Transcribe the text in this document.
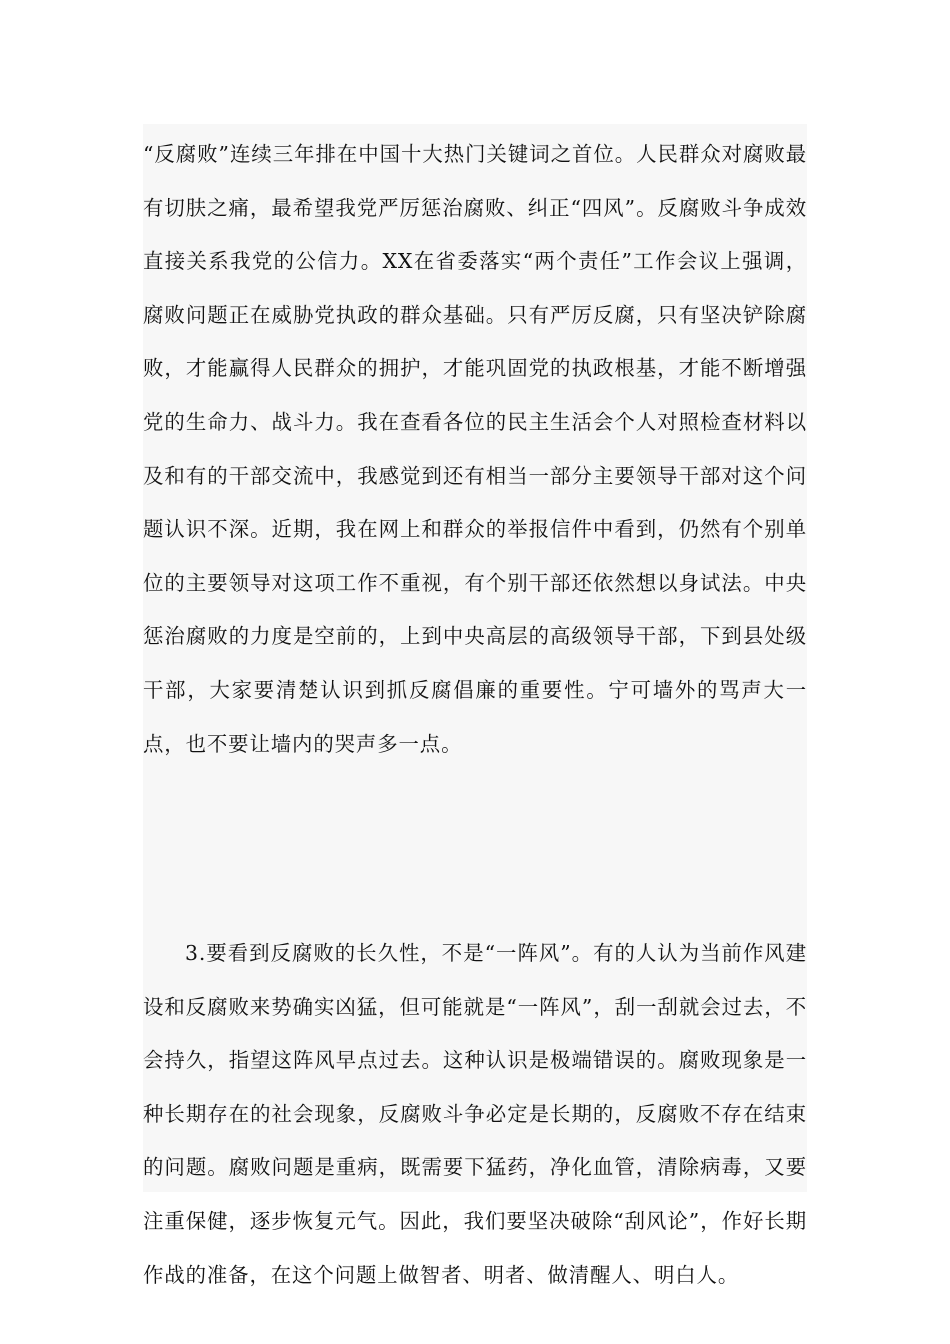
“反腐败”连续三年排在中国十大热门关键词之首位。人民群众对腐败最有切肤之痛，最希望我党严厉惩治腐败、纠正“四风”。反腐败斗争成效直接关系我党的公信力。XX在省委落实“两个责任”工作会议上强调，腐败问题正在威胁党执政的群众基础。只有严厉反腐，只有坚决铲除腐败，才能赢得人民群众的拥护，才能巩固党的执政根基，才能不断增强党的生命力、战斗力。我在查看各位的民主生活会个人对照检查材料以及和有的干部交流中，我感觉到还有相当一部分主要领导干部对这个问题认识不深。近期，我在网上和群众的举报信件中看到，仍然有个别单位的主要领导对这项工作不重视，有个别干部还依然想以身试法。中央惩治腐败的力度是空前的，上到中央高层的高级领导干部，下到县处级干部，大家要清楚认识到抓反腐倡廉的重要性。宁可墙外的骂声大一点，也不要让墙内的哭声多一点。

3.要看到反腐败的长久性，不是“一阵风”。有的人认为当前作风建设和反腐败来势确实凶猛，但可能就是“一阵风”，刮一刮就会过去，不会持久，指望这阵风早点过去。这种认识是极端错误的。腐败现象是一种长期存在的社会现象，反腐败斗争必定是长期的，反腐败不存在结束的问题。腐败问题是重病，既需要下猛药，净化血管，清除病毒，又要注重保健，逐步恢复元气。因此，我们要坚决破除“刮风论”，作好长期作战的准备，在这个问题上做智者、明者、做清醒人、明白人。
